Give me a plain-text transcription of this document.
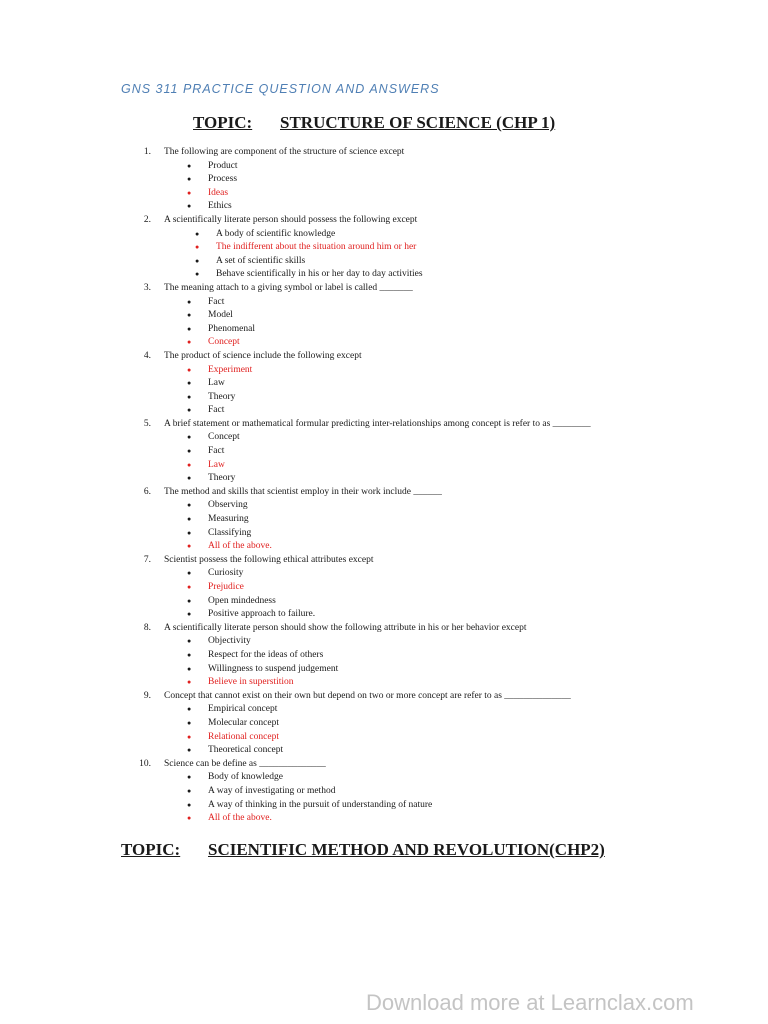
GNS 311 PRACTICE QUESTION AND ANSWERS
TOPIC: STRUCTURE OF SCIENCE (CHP 1)
1. The following are component of the structure of science except
● Product
● Process
● Ideas
● Ethics
2. A scientifically literate person should possess the following except
● A body of scientific knowledge
● The indifferent about the situation around him or her
● A set of scientific skills
● Behave scientifically in his or her day to day activities
3. The meaning attach to a giving symbol or label is called _______
● Fact
● Model
● Phenomenal
● Concept
4. The product of science include the following except
● Experiment
● Law
● Theory
● Fact
5. A brief statement or mathematical formular predicting inter-relationships among concept is refer to as ________
● Concept
● Fact
● Law
● Theory
6. The method and skills that scientist employ in their work include ______
● Observing
● Measuring
● Classifying
● All of the above.
7. Scientist possess the following ethical attributes except
● Curiosity
● Prejudice
● Open mindedness
● Positive approach to failure.
8. A scientifically literate person should show the following attribute in his or her behavior except
● Objectivity
● Respect for the ideas of others
● Willingness to suspend judgement
● Believe in superstition
9. Concept that cannot exist on their own but depend on two or more concept are refer to as ______________
● Empirical concept
● Molecular concept
● Relational concept
● Theoretical concept
10. Science can be define as ______________
● Body of knowledge
● A way of investigating or method
● A way of thinking in the pursuit of understanding of nature
● All of the above.
TOPIC: SCIENTIFIC METHOD AND REVOLUTION(CHP2)
Download more at Learnclax.com
